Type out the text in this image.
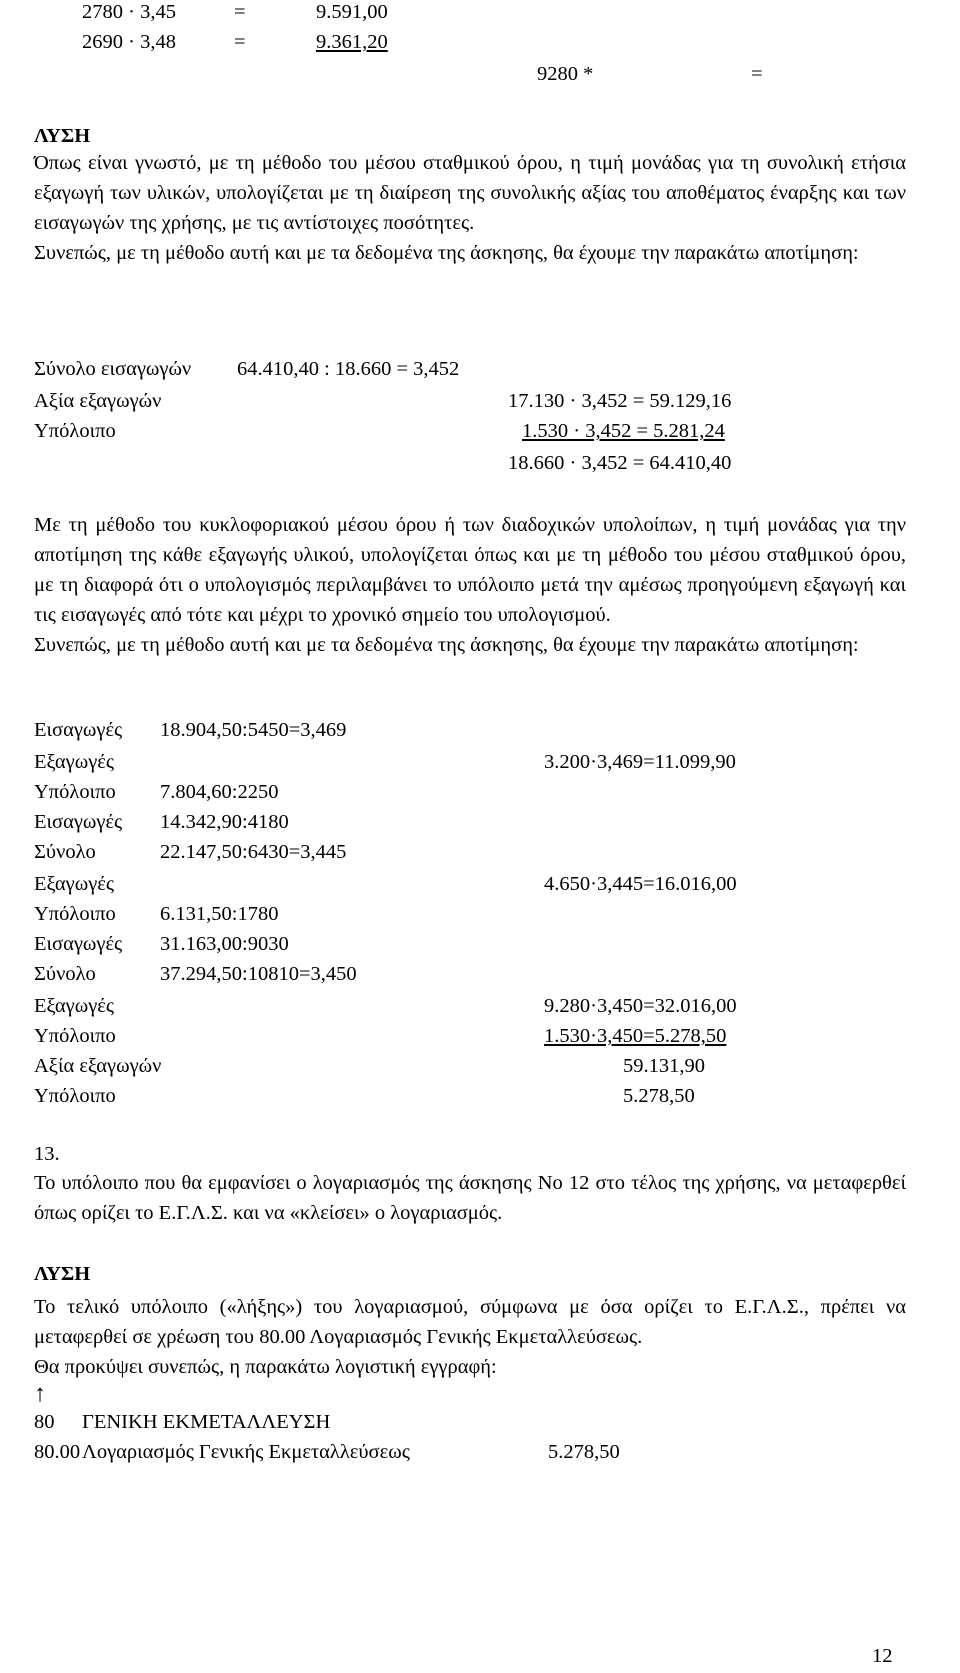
2780 · 3,45	=	9.591,00
2690 · 3,48	=	9.361,20
9280 *	=
ΛΥΣΗ

Όπως είναι γνωστό, με τη μέθοδο του μέσου σταθμικού όρου, η τιμή μονάδας για τη συνολική ετήσια εξαγωγή των υλικών, υπολογίζεται με τη διαίρεση της συνολικής αξίας του αποθέματος έναρξης και των εισαγωγών της χρήσης, με τις αντίστοιχες ποσότητες.

Συνεπώς, με τη μέθοδο αυτή και με τα δεδομένα της άσκησης, θα έχουμε την παρακάτω αποτίμηση:

Σύνολο εισαγωγών 64.410,40 : 18.660 = 3,452
Αξία εξαγωγών	17.130 · 3,452 = 59.129,16
Υπόλοιπο	1.530 · 3,452 = 5.281,24
18.660 · 3,452 = 64.410,40

Με τη μέθοδο του κυκλοφοριακού μέσου όρου ή των διαδοχικών υπολοίπων, η τιμή μονάδας για την αποτίμηση της κάθε εξαγωγής υλικού, υπολογίζεται όπως και με τη μέθοδο του μέσου σταθμικού όρου, με τη διαφορά ότι ο υπολογισμός περιλαμβάνει το υπόλοιπο μετά την αμέσως προηγούμενη εξαγωγή και τις εισαγωγές από τότε και μέχρι το χρονικό σημείο του υπολογισμού.

Συνεπώς, με τη μέθοδο αυτή και με τα δεδομένα της άσκησης, θα έχουμε την παρακάτω αποτίμηση:

Εισαγωγές 18.904,50:5450=3,469
Εξαγωγές	3.200·3,469=11.099,90
Υπόλοιπο 7.804,60:2250
Εισαγωγές 14.342,90:4180
Σύνολο	22.147,50:6430=3,445
Εξαγωγές	4.650·3,445=16.016,00
Υπόλοιπο 6.131,50:1780
Εισαγωγές 31.163,00:9030
Σύνολο	37.294,50:10810=3,450
Εξαγωγές	9.280·3,450=32.016,00
Υπόλοιπο	1.530·3,450=5.278,50
Αξία εξαγωγών	59.131,90
Υπόλοιπο	5.278,50
13.

Το υπόλοιπο που θα εμφανίσει ο λογαριασμός της άσκησης Νο 12 στο τέλος της χρήσης, να μεταφερθεί όπως ορίζει το Ε.Γ.Λ.Σ. και να «κλείσει» ο λογαριασμός.

ΛΥΣΗ

Το τελικό υπόλοιπο («λήξης») του λογαριασμού, σύμφωνα με όσα ορίζει το Ε.Γ.Λ.Σ., πρέπει να μεταφερθεί σε χρέωση του 80.00 Λογαριασμός Γενικής Εκμεταλλεύσεως.

Θα προκύψει συνεπώς, η παρακάτω λογιστική εγγραφή:

↑
80 ΓΕΝΙΚΗ ΕΚΜΕΤΑΛΛΕΥΣΗ
80.00 Λογαριασμός Γενικής Εκμεταλλεύσεως	5.278,50
12
